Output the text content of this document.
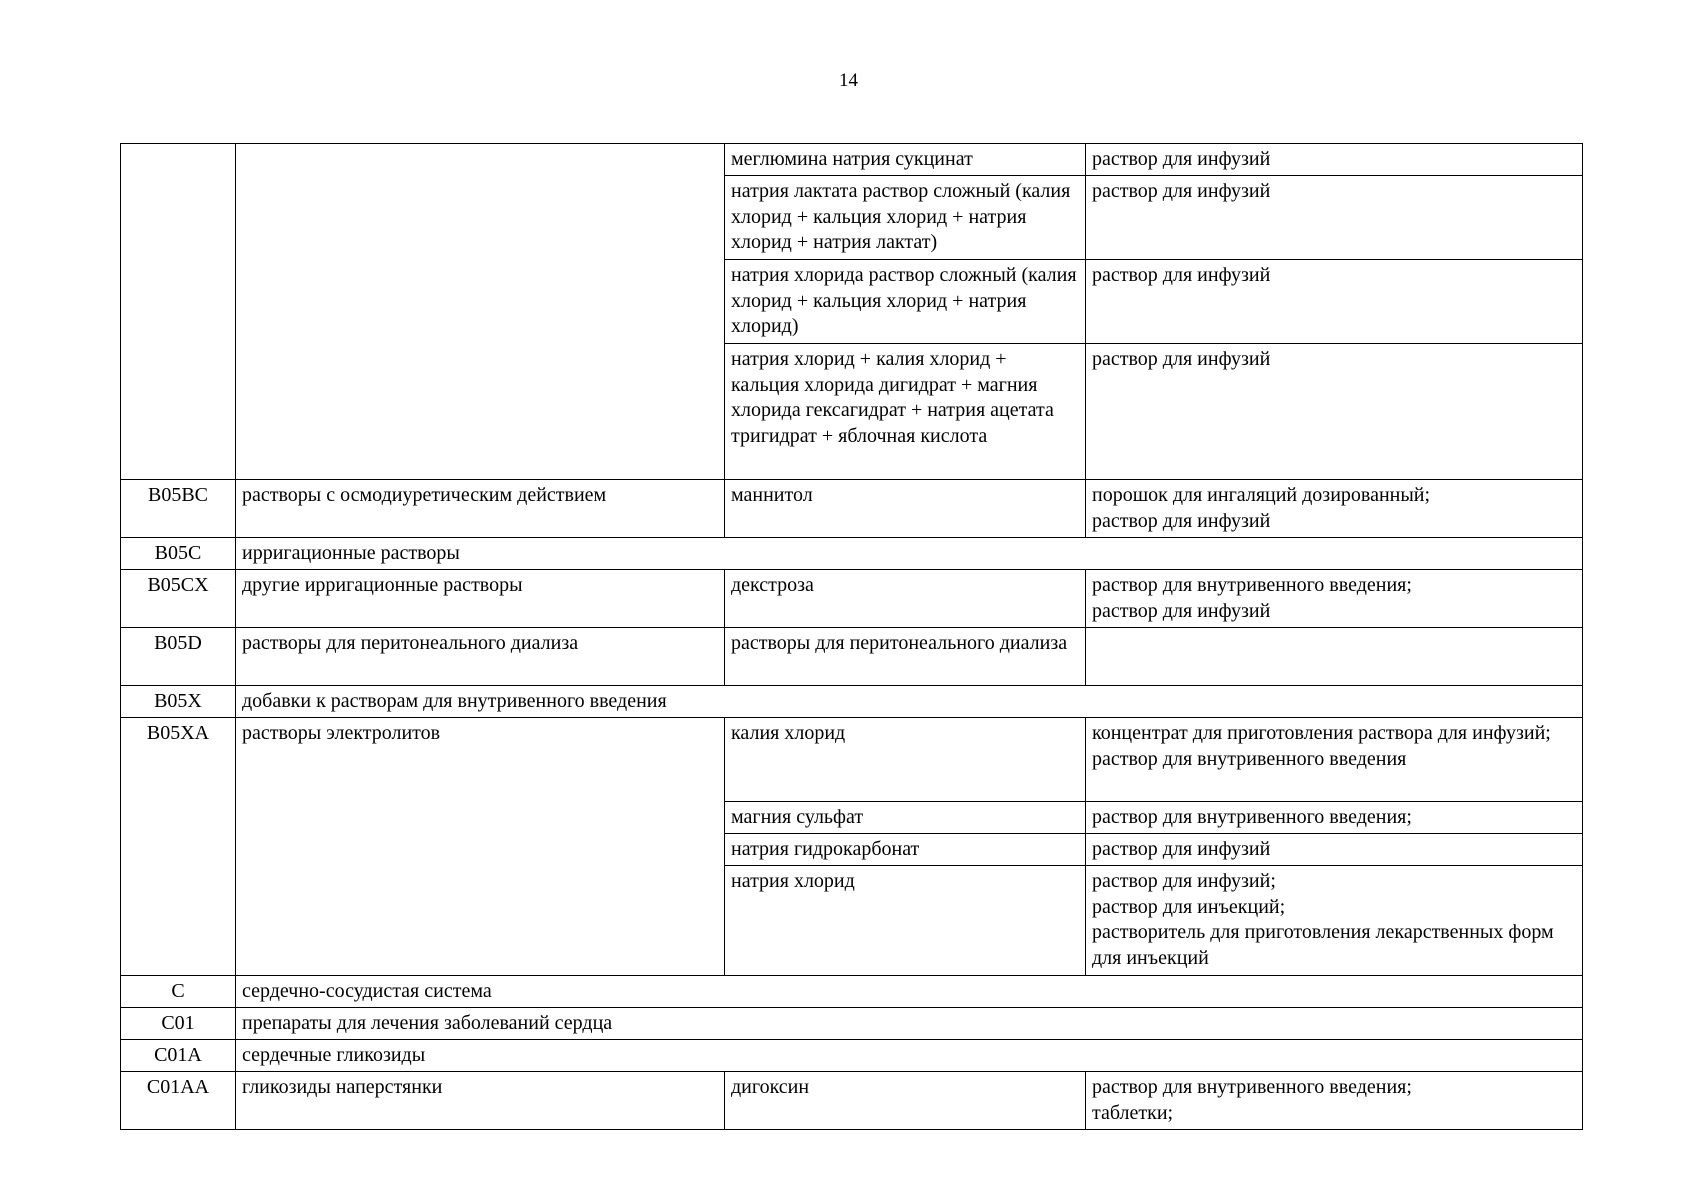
14
		меглюмина натрия сукцинат	раствор для инфузий

		натрия лактата раствор сложный (калия хлорид + кальция хлорид + натрия хлорид + натрия лактат)	раствор для инфузий

		натрия хлорида раствор сложный (калия хлорид + кальция хлорид + натрия хлорид)	раствор для инфузий

		натрия хлорид + калия хлорид + кальция хлорида дигидрат + магния хлорида гексагидрат + натрия ацетата тригидрат + яблочная кислота	раствор для инфузий

B05BC	растворы с осмодиуретическим действием	маннитол	порошок для ингаляций дозированный;
раствор для инфузий

B05C	ирригационные растворы		
B05CX	другие ирригационные растворы	декстроза	раствор для внутривенного введения;
раствор для инфузий

B05D	растворы для перитонеального диализа	растворы для перитонеального диализа	
B05X	добавки к растворам для внутривенного введения		
B05XA	растворы электролитов	калия хлорид	концентрат для приготовления раствора для инфузий;
раствор для внутривенного введения

		магния сульфат	раствор для внутривенного введения;

		натрия гидрокарбонат	раствор для инфузий

		натрия хлорид	раствор для инфузий;
раствор для инъекций;
растворитель для приготовления лекарственных форм для инъекций

C	сердечно-сосудистая система		
C01	препараты для лечения заболеваний сердца		
C01A	сердечные гликозиды		
C01AA	гликозиды наперстянки	дигоксин	раствор для внутривенного введения;
таблетки;
